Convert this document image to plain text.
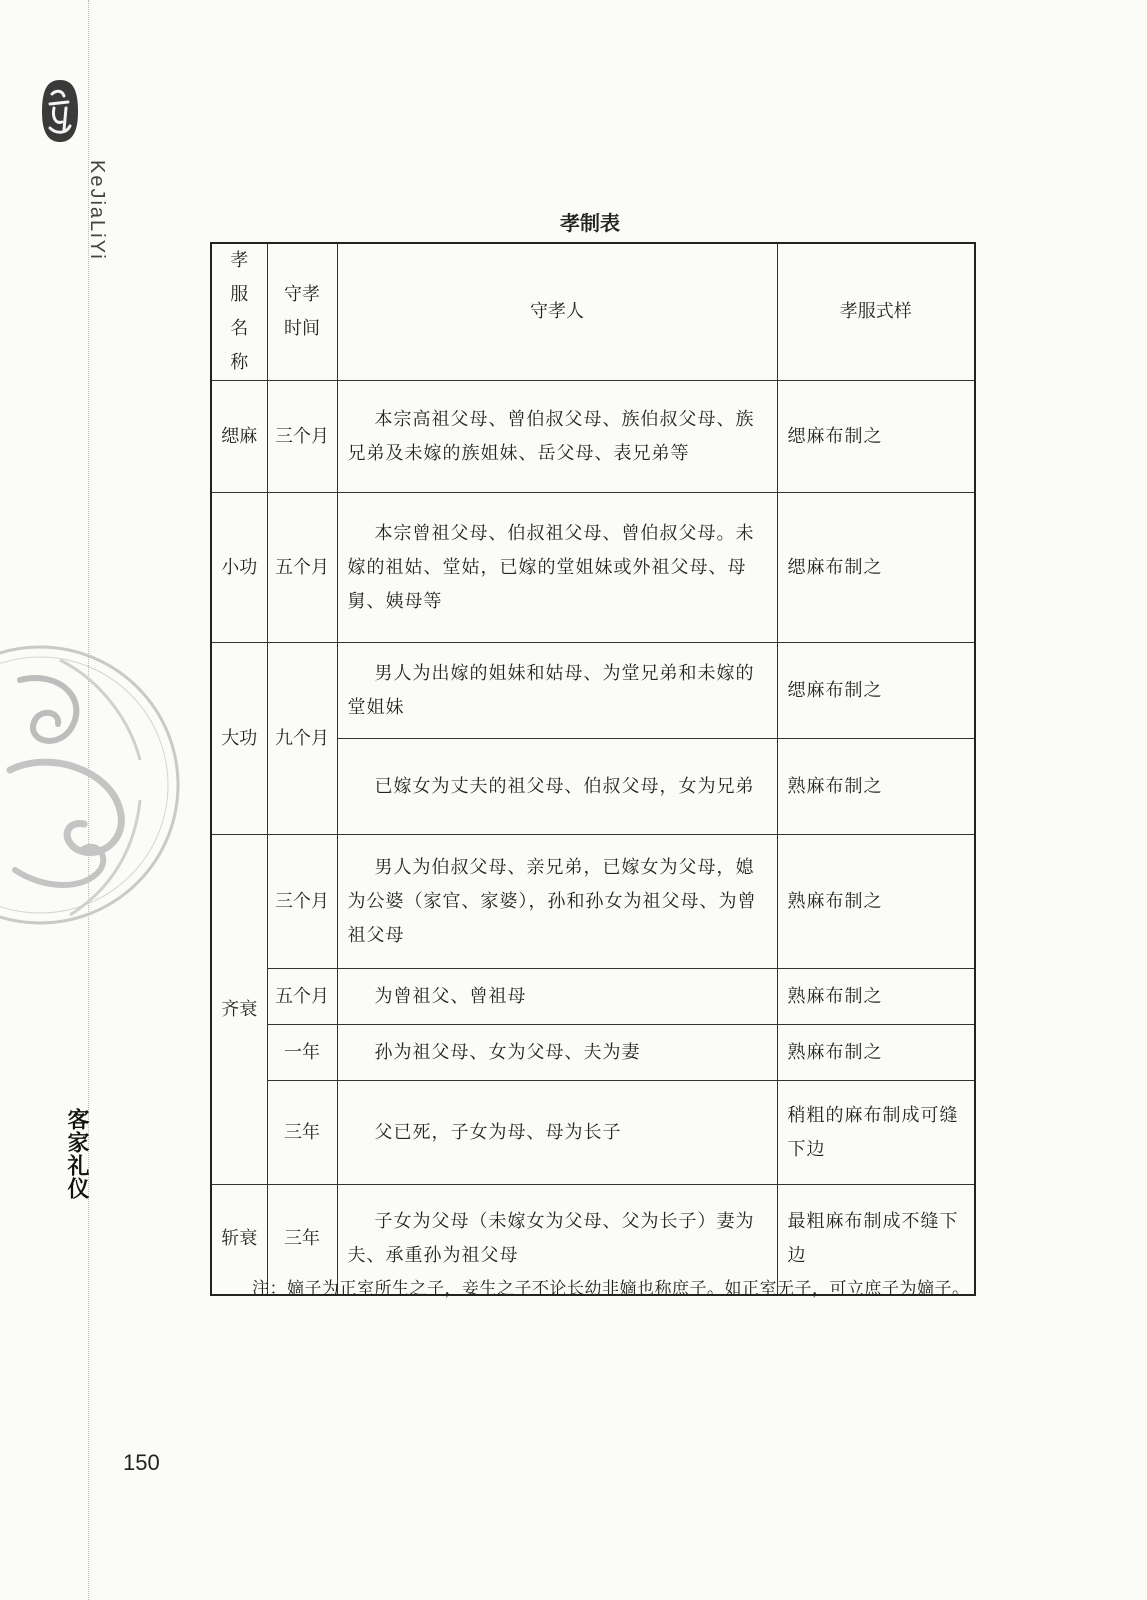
KeJiaLiYi
客家礼仪
孝制表
孝服名称	守孝时间	守孝人	孝服式样
缌麻	三个月	本宗高祖父母、曾伯叔父母、族伯叔父母、族兄弟及未嫁的族姐妹、岳父母、表兄弟等	缌麻布制之
小功	五个月	本宗曾祖父母、伯叔祖父母、曾伯叔父母。未嫁的祖姑、堂姑，已嫁的堂姐妹或外祖父母、母舅、姨母等	缌麻布制之
大功	九个月	男人为出嫁的姐妹和姑母、为堂兄弟和未嫁的堂姐妹	缌麻布制之
		已嫁女为丈夫的祖父母、伯叔父母，女为兄弟	熟麻布制之
齐衰	三个月	男人为伯叔父母、亲兄弟，已嫁女为父母，媳为公婆（家官、家婆），孙和孙女为祖父母、为曾祖父母	熟麻布制之
	五个月	为曾祖父、曾祖母	熟麻布制之
	一年	孙为祖父母、女为父母、夫为妻	熟麻布制之
	三年	父已死，子女为母、母为长子	稍粗的麻布制成可缝下边
斩衰	三年	子女为父母（未嫁女为父母、父为长子）妻为夫、承重孙为祖父母	最粗麻布制成不缝下边
注：嫡子为正室所生之子，妾生之子不论长幼非嫡也称庶子。如正室无子，可立庶子为嫡子。
150
